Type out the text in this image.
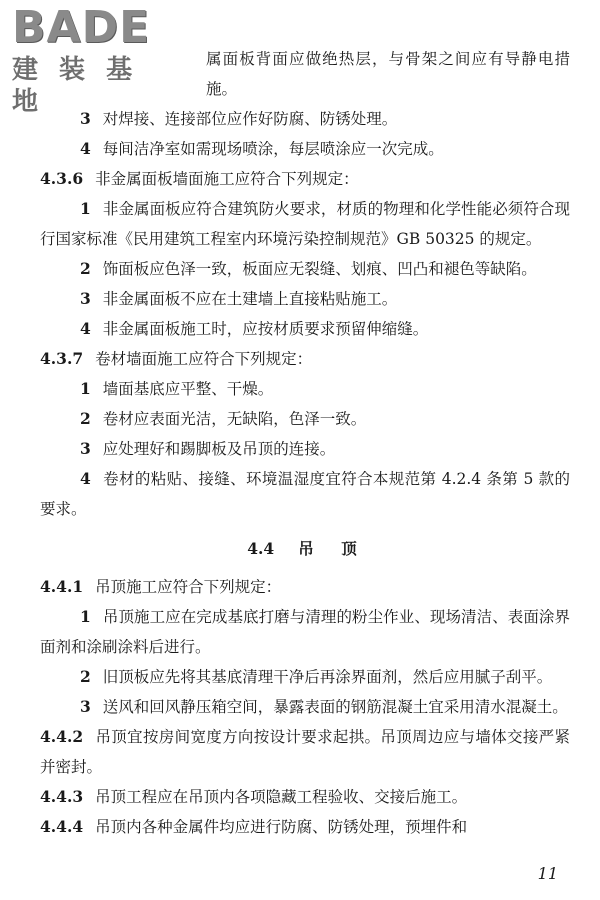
BADE
建 装 基 地

属面板背面应做绝热层，与骨架之间应有导静电措施。

3 对焊接、连接部位应作好防腐、防锈处理。

4 每间洁净室如需现场喷涂，每层喷涂应一次完成。

4.3.6 非金属面板墙面施工应符合下列规定：

1 非金属面板应符合建筑防火要求，材质的物理和化学性能必须符合现行国家标准《民用建筑工程室内环境污染控制规范》GB 50325 的规定。

2 饰面板应色泽一致，板面应无裂缝、划痕、凹凸和褪色等缺陷。

3 非金属面板不应在土建墙上直接粘贴施工。

4 非金属面板施工时，应按材质要求预留伸缩缝。

4.3.7 卷材墙面施工应符合下列规定：

1 墙面基底应平整、干燥。

2 卷材应表面光洁，无缺陷，色泽一致。

3 应处理好和踢脚板及吊顶的连接。

4 卷材的粘贴、接缝、环境温湿度宜符合本规范第 4.2.4 条第 5 款的要求。

4.4 吊　顶

4.4.1 吊顶施工应符合下列规定：

1 吊顶施工应在完成基底打磨与清理的粉尘作业、现场清洁、表面涂界面剂和涂刷涂料后进行。

2 旧顶板应先将其基底清理干净后再涂界面剂，然后应用腻子刮平。

3 送风和回风静压箱空间，暴露表面的钢筋混凝土宜采用清水混凝土。

4.4.2 吊顶宜按房间宽度方向按设计要求起拱。吊顶周边应与墙体交接严紧并密封。

4.4.3 吊顶工程应在吊顶内各项隐藏工程验收、交接后施工。

4.4.4 吊顶内各种金属件均应进行防腐、防锈处理，预埋件和

11
